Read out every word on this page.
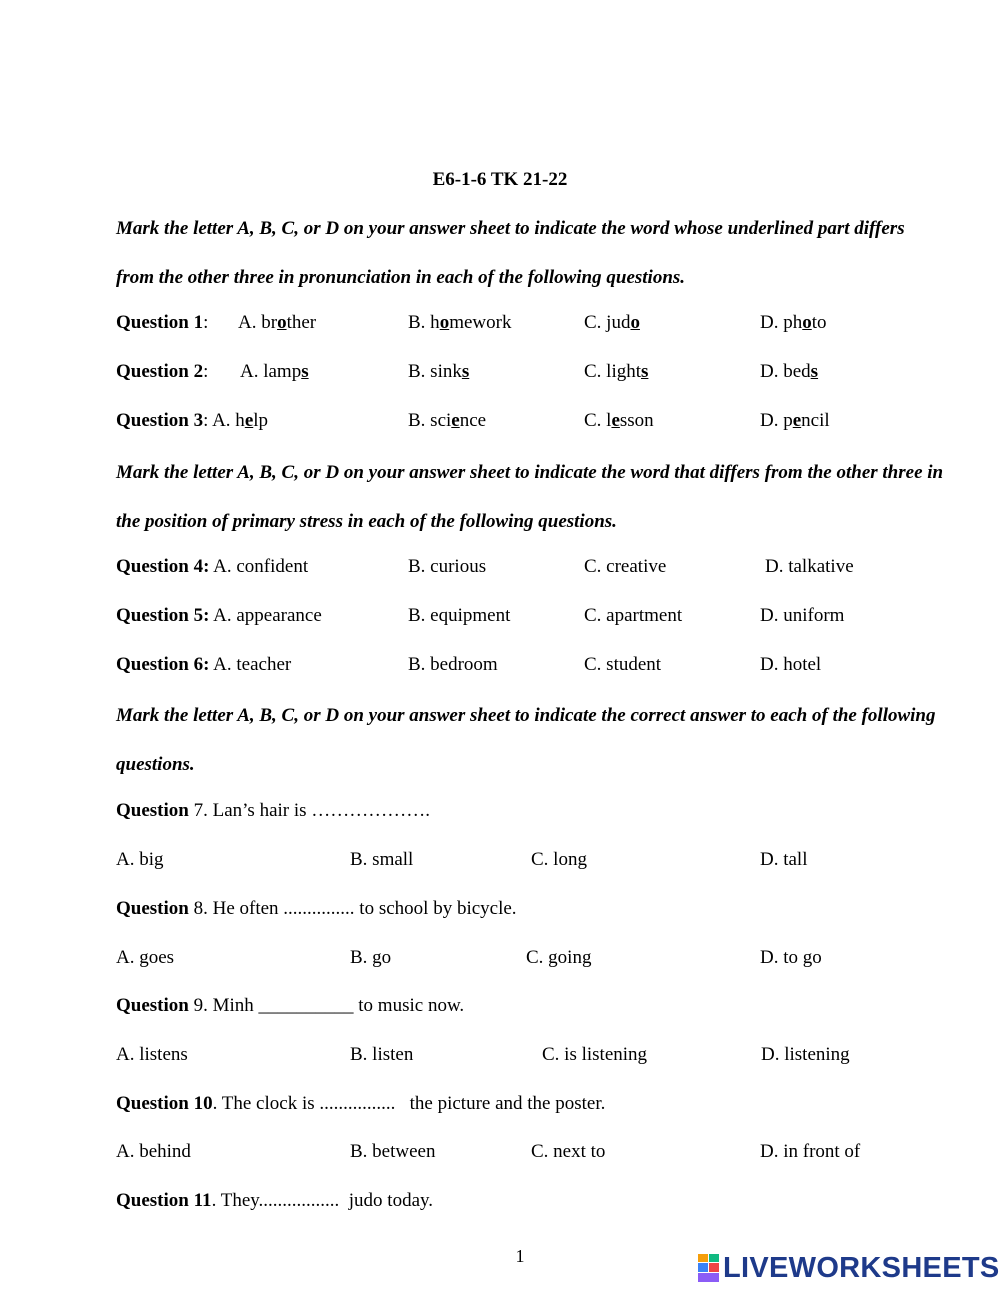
E6-1-6 TK 21-22

Mark the letter A, B, C, or D on your answer sheet to indicate the word whose underlined part differs from the other three in pronunciation in each of the following questions.

Question 1: A. brother	B. homework	C. judo	D. photo
Question 2: A. lamps	B. sinks	C. lights	D. beds
Question 3: A. help	B. science	C. lesson	D. pencil

Mark the letter A, B, C, or D on your answer sheet to indicate the word that differs from the other three in the position of primary stress in each of the following questions.

Question 4: A. confident	B. curious	C. creative	D. talkative
Question 5: A. appearance	B. equipment	C. apartment	D. uniform
Question 6: A. teacher	B. bedroom	C. student	D. hotel

Mark the letter A, B, C, or D on your answer sheet to indicate the correct answer to each of the following questions.

Question 7. Lan’s hair is ……………….
A. big	B. small	C. long	D. tall
Question 8. He often ............... to school by bicycle.
A. goes	B. go	C. going	D. to go
Question 9. Minh __________ to music now.
A. listens	B. listen	C. is listening	D. listening
Question 10. The clock is ................   the picture and the poster.
A. behind	B. between	C. next to	D. in front of
Question 11. They.................  judo today.
1	LIVEWORKSHEETS
